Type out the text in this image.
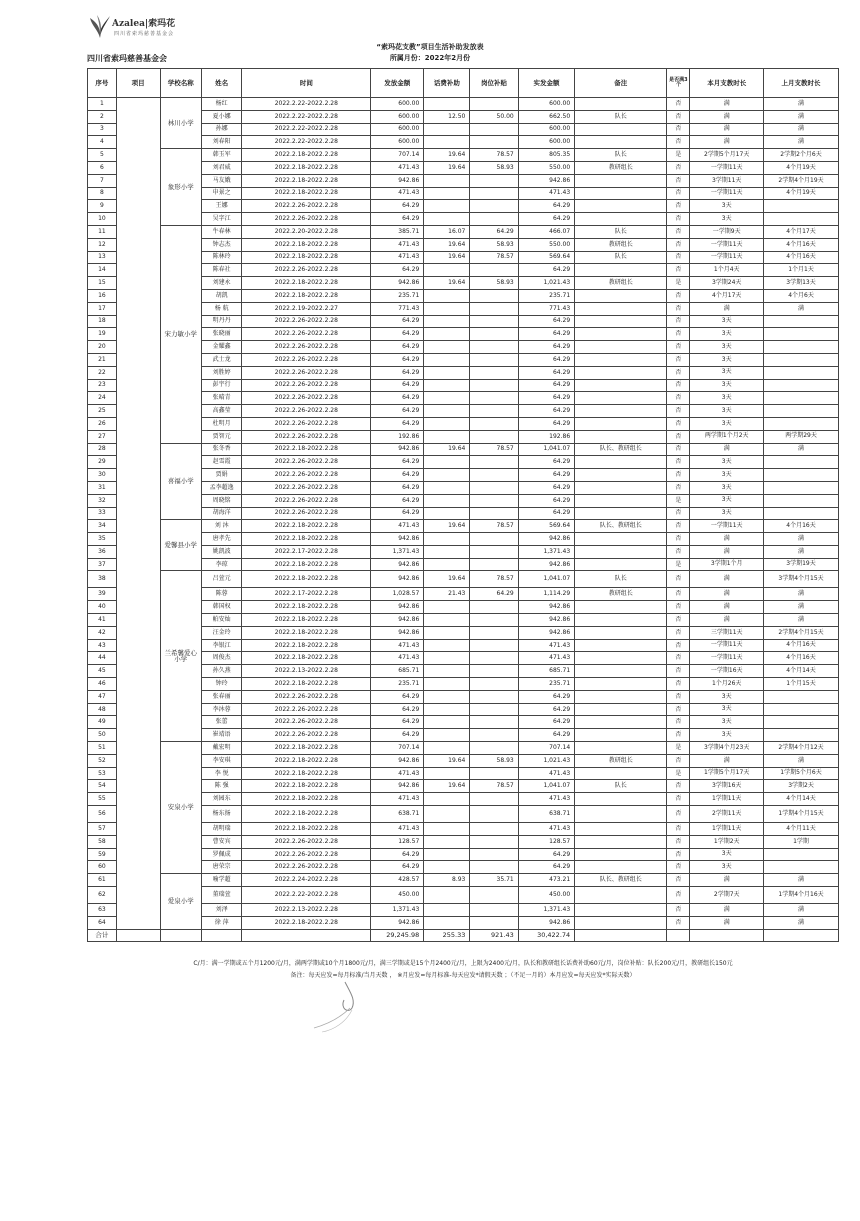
Azalea|索玛花
四川省索玛慈善基金会
四川省索玛慈善基金会
“索玛花支教”项目生活补助发放表
所属月份：2022年2月份
序号	项目	学校名称	姓名	时间	发放金额	话费补助	岗位补贴	实发金额	备注	是否满3个	本月支教时长	上月支教时长
1		林川小学	杨红	2022.2.22-2022.2.28	600.00			600.00		否	满	满
2			夏小娜	2022.2.22-2022.2.28	600.00	12.50	50.00	662.50	队长	否	满	满
3			孙娜	2022.2.22-2022.2.28	600.00			600.00		否	满	满
4			刘春阳	2022.2.22-2022.2.28	600.00			600.00		否	满	满
5		象形小学	韩玉军	2022.2.18-2022.2.28	707.14	19.64	78.57	805.35	队长	是	2学期5个月17天	2学期2个月6天
6			刘君威	2022.2.18-2022.2.28	471.43	19.64	58.93	550.00	教研组长	否	一学期11天	4个月19天
7			马友娥	2022.2.18-2022.2.28	942.86			942.86		否	3学期11天	2学期4个月19天
8			申景之	2022.2.18-2022.2.28	471.43			471.43		否	一学期11天	4个月19天
9			王娜	2022.2.26-2022.2.28	64.29			64.29		否	3天	
10			吴字江	2022.2.26-2022.2.28	64.29			64.29		否	3天	
11		宋力敏小学	牛春林	2022.2.20-2022.2.28	385.71	16.07	64.29	466.07	队长	否	一学期9天	4个月17天
12			钟志杰	2022.2.18-2022.2.28	471.43	19.64	58.93	550.00	教研组长	否	一学期11天	4个月16天
13			陈林玲	2022.2.18-2022.2.28	471.43	19.64	78.57	569.64	队长	否	一学期11天	4个月16天
14			陈春社	2022.2.26-2022.2.28	64.29			64.29		否	1个月4天	1个月1天
15			刘建永	2022.2.18-2022.2.28	942.86	19.64	58.93	1,021.43	教研组长	是	3学期24天	3学期13天
16			胡凯	2022.2.18-2022.2.28	235.71			235.71		否	4个月17天	4个月6天
17			杨 航	2022.2.19-2022.2.27	771.43			771.43		否	满	满
18			明丹丹	2022.2.26-2022.2.28	64.29			64.29		否	3天	
19			张晓丽	2022.2.26-2022.2.28	64.29			64.29		否	3天	
20			金耀鑫	2022.2.26-2022.2.28	64.29			64.29		否	3天	
21			武士龙	2022.2.26-2022.2.28	64.29			64.29		否	3天	
22			刘胜婷	2022.2.26-2022.2.28	64.29			64.29		否	3天	
23			彭宇行	2022.2.26-2022.2.28	64.29			64.29		否	3天	
24			张晴青	2022.2.26-2022.2.28	64.29			64.29		否	3天	
25			高鑫莹	2022.2.26-2022.2.28	64.29			64.29		否	3天	
26			杜明月	2022.2.26-2022.2.28	64.29			64.29		否	3天	
27			贾智元	2022.2.26-2022.2.28	192.86			192.86		否	两学期1个月2天	两学期29天
28		喜福小学	张冬香	2022.2.18-2022.2.28	942.86	19.64	78.57	1,041.07	队长、教研组长	否	满	满
29			赵雪霞	2022.2.26-2022.2.28	64.29			64.29		否	3天	
30			贾娟	2022.2.26-2022.2.28	64.29			64.29		否	3天	
31			孟李超逸	2022.2.26-2022.2.28	64.29			64.29		否	3天	
32			周晓铭	2022.2.26-2022.2.28	64.29			64.29		是	3天	
33			胡海洋	2022.2.26-2022.2.28	64.29			64.29		否	3天	
34		爱馨县小学	刘 沐	2022.2.18-2022.2.28	471.43	19.64	78.57	569.64	队长、教研组长	否	一学期11天	4个月16天
35			唐孝先	2022.2.18-2022.2.28	942.86			942.86		否	满	满
36			姚凯波	2022.2.17-2022.2.28	1,371.43			1,371.43		否	满	满
37			李琼	2022.2.18-2022.2.28	942.86			942.86		是	3学期1个月	3学期19天
38		兰希馨爱心小学	吕萱元	2022.2.18-2022.2.28	942.86	19.64	78.57	1,041.07	队长	否	满	3学期4个月15天
39			陈蓉	2022.2.17-2022.2.28	1,028.57	21.43	64.29	1,114.29	教研组长	否	满	满
40			韩国权	2022.2.18-2022.2.28	942.86			942.86		否	满	满
41			帕安灿	2022.2.18-2022.2.28	942.86			942.86		否	满	满
42			汪金玲	2022.2.18-2022.2.28	942.86			942.86		否	三学期11天	2学期4个月15天
43			李银江	2022.2.18-2022.2.28	471.43			471.43		否	一学期11天	4个月16天
44			周俊杰	2022.2.18-2022.2.28	471.43			471.43		否	一学期11天	4个月16天
45			孙久燕	2022.2.13-2022.2.28	685.71			685.71		否	一学期16天	4个月14天
46			钟玲	2022.2.18-2022.2.28	235.71			235.71		否	1个月26天	1个月15天
47			张春丽	2022.2.26-2022.2.28	64.29			64.29		否	3天	
48			李沐蓉	2022.2.26-2022.2.28	64.29			64.29		否	3天	
49			张蕾	2022.2.26-2022.2.28	64.29			64.29		否	3天	
50			崔靖语	2022.2.26-2022.2.28	64.29			64.29		否	3天	
51		安泉小学	戴宏明	2022.2.18-2022.2.28	707.14			707.14		是	3学期4个月23天	2学期4个月12天
52			李安琪	2022.2.18-2022.2.28	942.86	19.64	58.93	1,021.43	教研组长	否	满	满
53			李 悦	2022.2.18-2022.2.28	471.43			471.43		是	1学期5个月17天	1学期5个月6天
54			陈 强	2022.2.18-2022.2.28	942.86	19.64	78.57	1,041.07	队长	否	3学期16天	3学期2天
55			刘园东	2022.2.18-2022.2.28	471.43			471.43		否	1学期11天	4个月14天
56			杨东扬	2022.2.18-2022.2.28	638.71			638.71		否	2学期11天	1学期4个月15天
57			胡明瑞	2022.2.18-2022.2.28	471.43			471.43		否	1学期11天	4个月11天
58			曹安宾	2022.2.26-2022.2.28	128.57			128.57		否	1学期2天	1学期
59			罗佩成	2022.2.26-2022.2.28	64.29			64.29		否	3天	
60			唐荣宗	2022.2.26-2022.2.28	64.29			64.29		否	3天	
61		爱泉小学	喻学超	2022.2.24-2022.2.28	428.57	8.93	35.71	473.21	队长、教研组长	否	满	满
62			董瑞萱	2022.2.22-2022.2.28	450.00			450.00		否	2学期7天	1学期4个月16天
63			刘泽	2022.2.13-2022.2.28	1,371.43			1,371.43		否	满	满
64			徐 萍	2022.2.18-2022.2.28	942.86			942.86		否	满	满
合计					29,245.98	255.33	921.43	30,422.74				
C/月：满一学期或五个月1200元/月，满两学期或10个月1800元/月，满三学期或是15个月2400元/月，上限为2400元/月，队长和教研组长话费补助60元/月，岗位补贴：队长200元/月，教研组长150元
备注：每天应发=每月标准/当月天数 ， ※月应发=每月标准-每天应发*请假天数 ；（不足一月的）本月应发=每天应发*实际天数）
